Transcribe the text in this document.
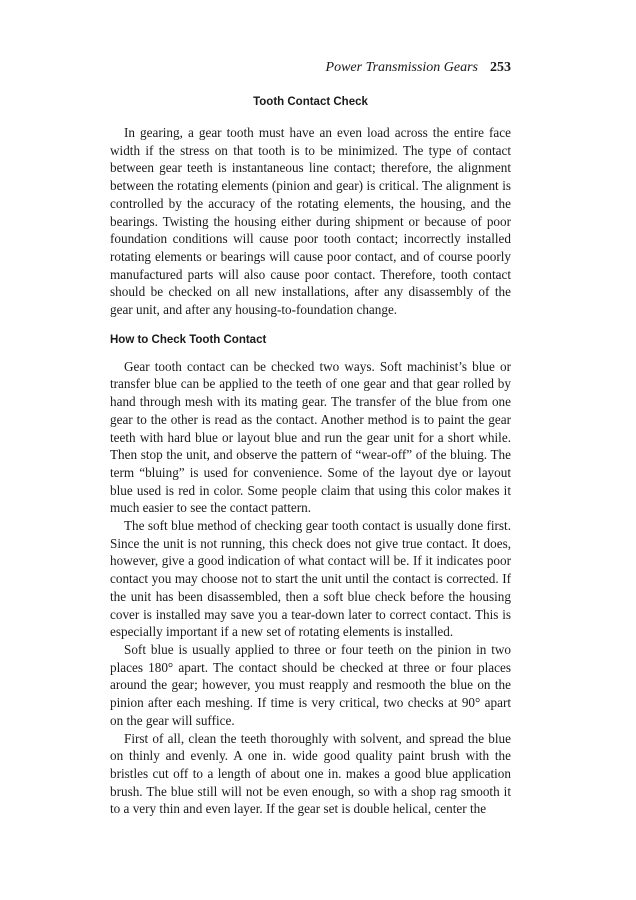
Power Transmission Gears 253
Tooth Contact Check

In gearing, a gear tooth must have an even load across the entire face width if the stress on that tooth is to be minimized. The type of contact between gear teeth is instantaneous line contact; therefore, the alignment between the rotating elements (pinion and gear) is critical. The alignment is controlled by the accuracy of the rotating elements, the housing, and the bearings. Twisting the housing either during shipment or because of poor foundation conditions will cause poor tooth contact; incorrectly installed rotating elements or bearings will cause poor contact, and of course poorly manufactured parts will also cause poor contact. Therefore, tooth contact should be checked on all new installations, after any disassembly of the gear unit, and after any housing-to-foundation change.

How to Check Tooth Contact

Gear tooth contact can be checked two ways. Soft machinist’s blue or transfer blue can be applied to the teeth of one gear and that gear rolled by hand through mesh with its mating gear. The transfer of the blue from one gear to the other is read as the contact. Another method is to paint the gear teeth with hard blue or layout blue and run the gear unit for a short while. Then stop the unit, and observe the pattern of “wear-off” of the bluing. The term “bluing” is used for convenience. Some of the layout dye or layout blue used is red in color. Some people claim that using this color makes it much easier to see the contact pattern.

The soft blue method of checking gear tooth contact is usually done first. Since the unit is not running, this check does not give true contact. It does, however, give a good indication of what contact will be. If it indicates poor contact you may choose not to start the unit until the contact is corrected. If the unit has been disassembled, then a soft blue check before the housing cover is installed may save you a tear-down later to correct contact. This is especially important if a new set of rotating elements is installed.

Soft blue is usually applied to three or four teeth on the pinion in two places 180° apart. The contact should be checked at three or four places around the gear; however, you must reapply and resmooth the blue on the pinion after each meshing. If time is very critical, two checks at 90° apart on the gear will suffice.

First of all, clean the teeth thoroughly with solvent, and spread the blue on thinly and evenly. A one in. wide good quality paint brush with the bristles cut off to a length of about one in. makes a good blue application brush. The blue still will not be even enough, so with a shop rag smooth it to a very thin and even layer. If the gear set is double helical, center the
